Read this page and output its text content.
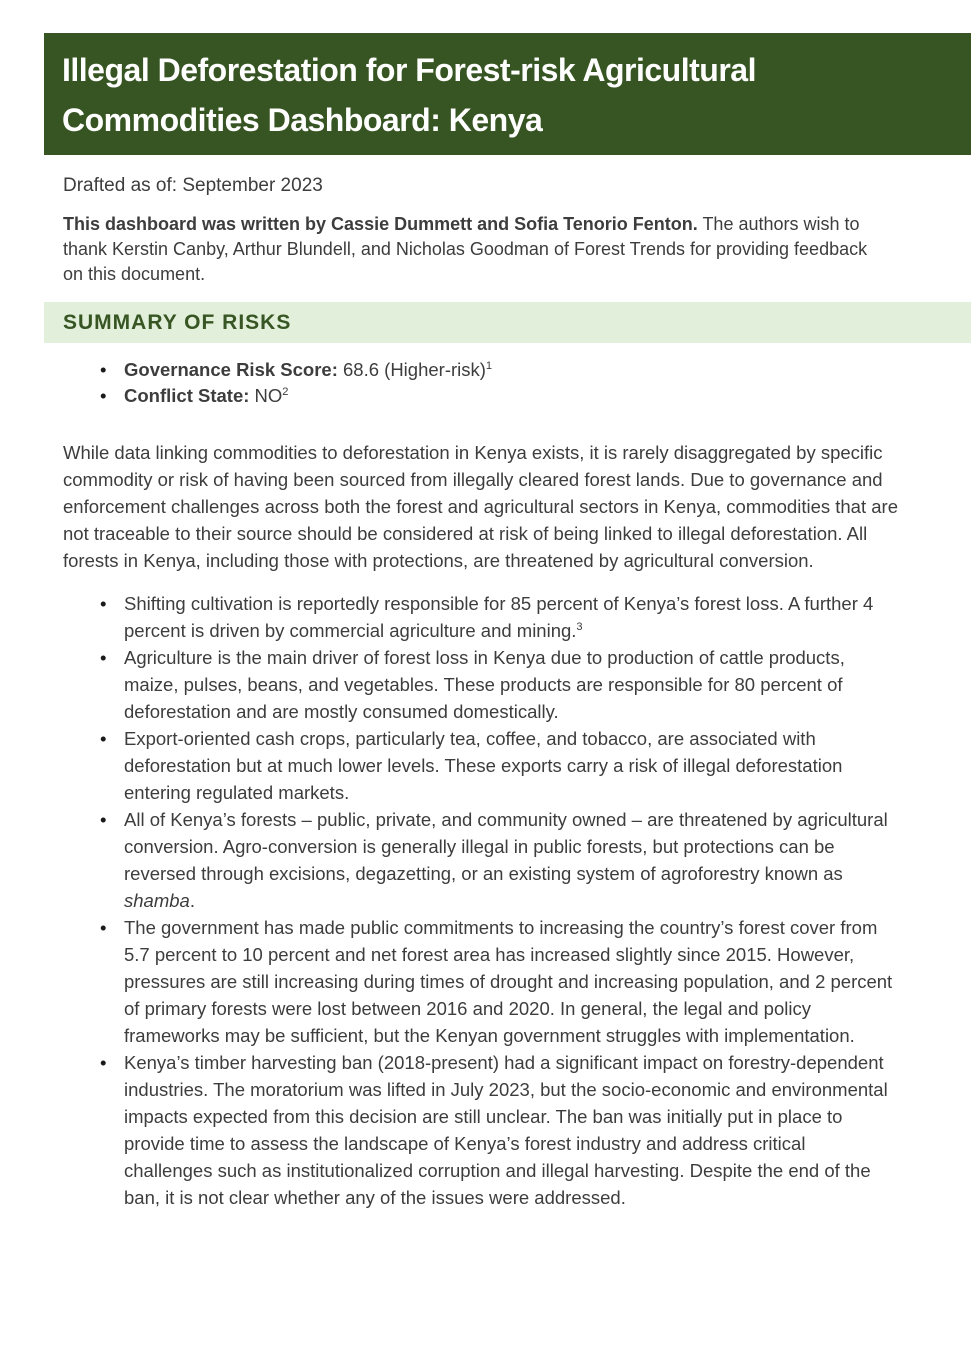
Illegal Deforestation for Forest-risk Agricultural
Commodities Dashboard: Kenya
Drafted as of: September 2023

This dashboard was written by Cassie Dummett and Sofia Tenorio Fenton. The authors wish to thank Kerstin Canby, Arthur Blundell, and Nicholas Goodman of Forest Trends for providing feedback on this document.

SUMMARY OF RISKS
• Governance Risk Score: 68.6 (Higher-risk)$^1$
• Conflict State: $NO^2$

While data linking commodities to deforestation in Kenya exists, it is rarely disaggregated by specific commodity or risk of having been sourced from illegally cleared forest lands. Due to governance and enforcement challenges across both the forest and agricultural sectors in Kenya, commodities that are not traceable to their source should be considered at risk of being linked to illegal deforestation. All forests in Kenya, including those with protections, are threatened by agricultural conversion.

• Shifting cultivation is reportedly responsible for 85 percent of Kenya’s forest loss. A further 4 percent is driven by commercial agriculture and mining.$^3$
• Agriculture is the main driver of forest loss in Kenya due to production of cattle products, maize, pulses, beans, and vegetables. These products are responsible for 80 percent of deforestation and are mostly consumed domestically.
• Export-oriented cash crops, particularly tea, coffee, and tobacco, are associated with deforestation but at much lower levels. These exports carry a risk of illegal deforestation entering regulated markets.
• All of Kenya’s forests – public, private, and community owned – are threatened by agricultural conversion. Agro-conversion is generally illegal in public forests, but protections can be reversed through excisions, degazetting, or an existing system of agroforestry known as shamba.
• The government has made public commitments to increasing the country’s forest cover from 5.7 percent to 10 percent and net forest area has increased slightly since 2015. However, pressures are still increasing during times of drought and increasing population, and 2 percent of primary forests were lost between 2016 and 2020. In general, the legal and policy frameworks may be sufficient, but the Kenyan government struggles with implementation.
• Kenya’s timber harvesting ban (2018-present) had a significant impact on forestry-dependent industries. The moratorium was lifted in July 2023, but the socio-economic and environmental impacts expected from this decision are still unclear. The ban was initially put in place to provide time to assess the landscape of Kenya’s forest industry and address critical challenges such as institutionalized corruption and illegal harvesting. Despite the end of the ban, it is not clear whether any of the issues were addressed.
